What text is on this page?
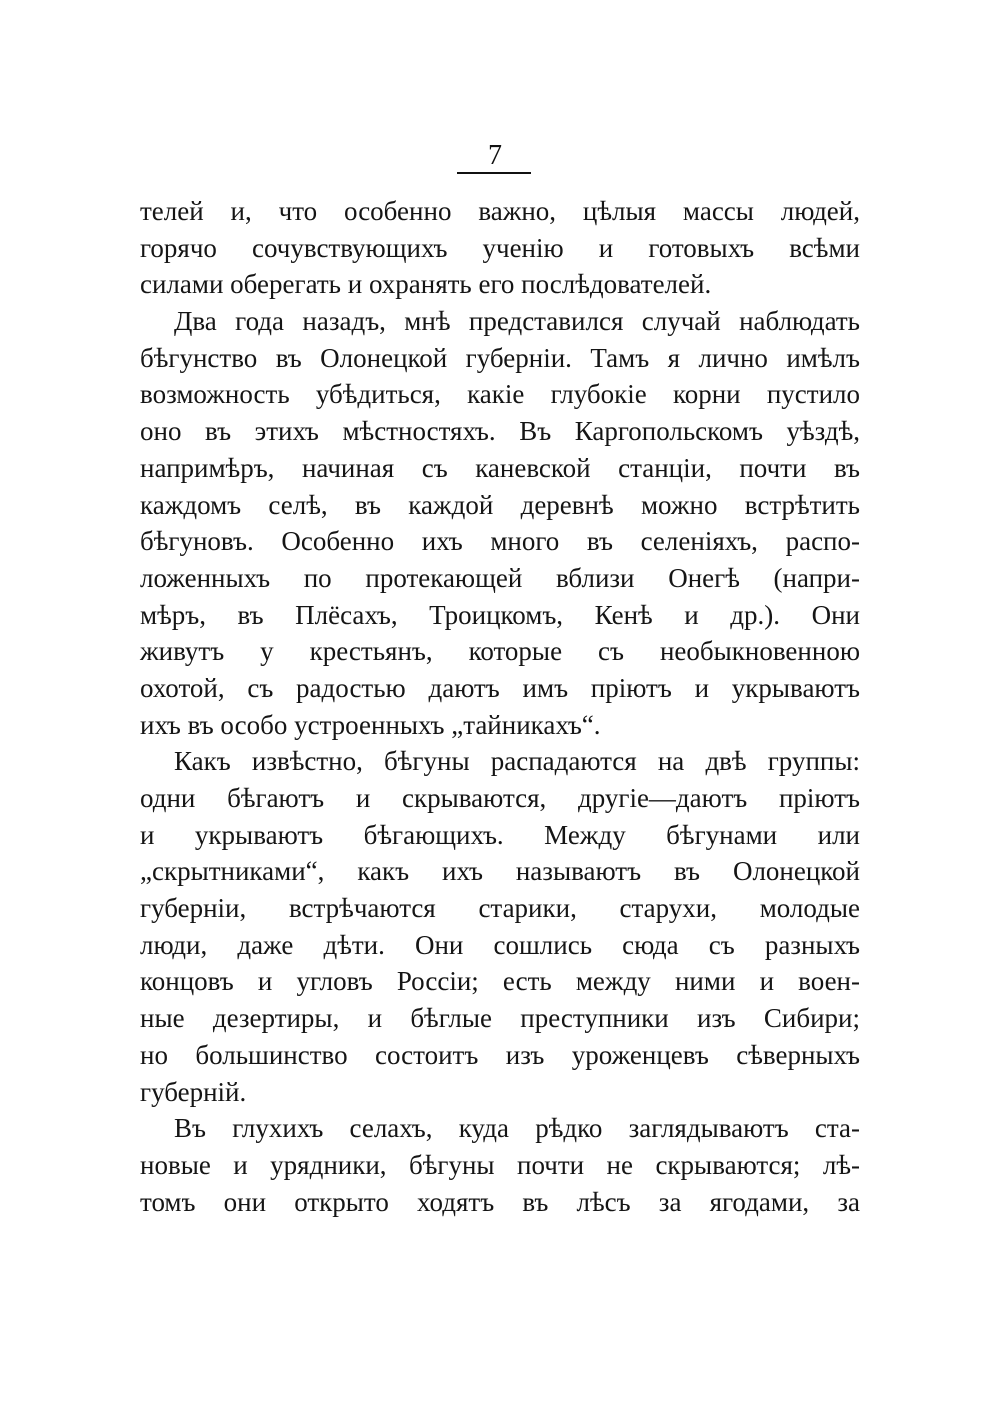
7
телей и, что особенно важно, цѣлыя массы людей,
горячо сочувствующихъ ученію и готовыхъ всѣми
силами оберегать и охранять его послѣдователей.
Два года назадъ, мнѣ представился случай наблюдать
бѣгунство въ Олонецкой губерніи. Тамъ я лично имѣлъ
возможность убѣдиться, какіе глубокіе корни пустило
оно въ этихъ мѣстностяхъ. Въ Каргопольскомъ уѣздѣ,
напримѣръ, начиная съ каневской станціи, почти въ
каждомъ селѣ, въ каждой деревнѣ можно встрѣтить
бѣгуновъ. Особенно ихъ много въ селеніяхъ, распо-
ложенныхъ по протекающей вблизи Онегѣ (напри-
мѣръ, въ Плёсахъ, Троицкомъ, Кенѣ и др.). Они
живутъ у крестьянъ, которые съ необыкновенною
охотой, съ радостью даютъ имъ пріютъ и укрываютъ
ихъ въ особо устроенныхъ „тайникахъ“.
Какъ извѣстно, бѣгуны распадаются на двѣ группы:
одни бѣгаютъ и скрываются, другіе—даютъ пріютъ
и укрываютъ бѣгающихъ. Между бѣгунами или
„скрытниками“, какъ ихъ называютъ въ Олонецкой
губерніи, встрѣчаются старики, старухи, молодые
люди, даже дѣти. Они сошлись сюда съ разныхъ
концовъ и угловъ Россіи; есть между ними и воен-
ные дезертиры, и бѣглые преступники изъ Сибири;
но большинство состоитъ изъ уроженцевъ сѣверныхъ
губерній.
Въ глухихъ селахъ, куда рѣдко заглядываютъ ста-
новые и урядники, бѣгуны почти не скрываются; лѣ-
томъ они открыто ходятъ въ лѣсъ за ягодами, за
